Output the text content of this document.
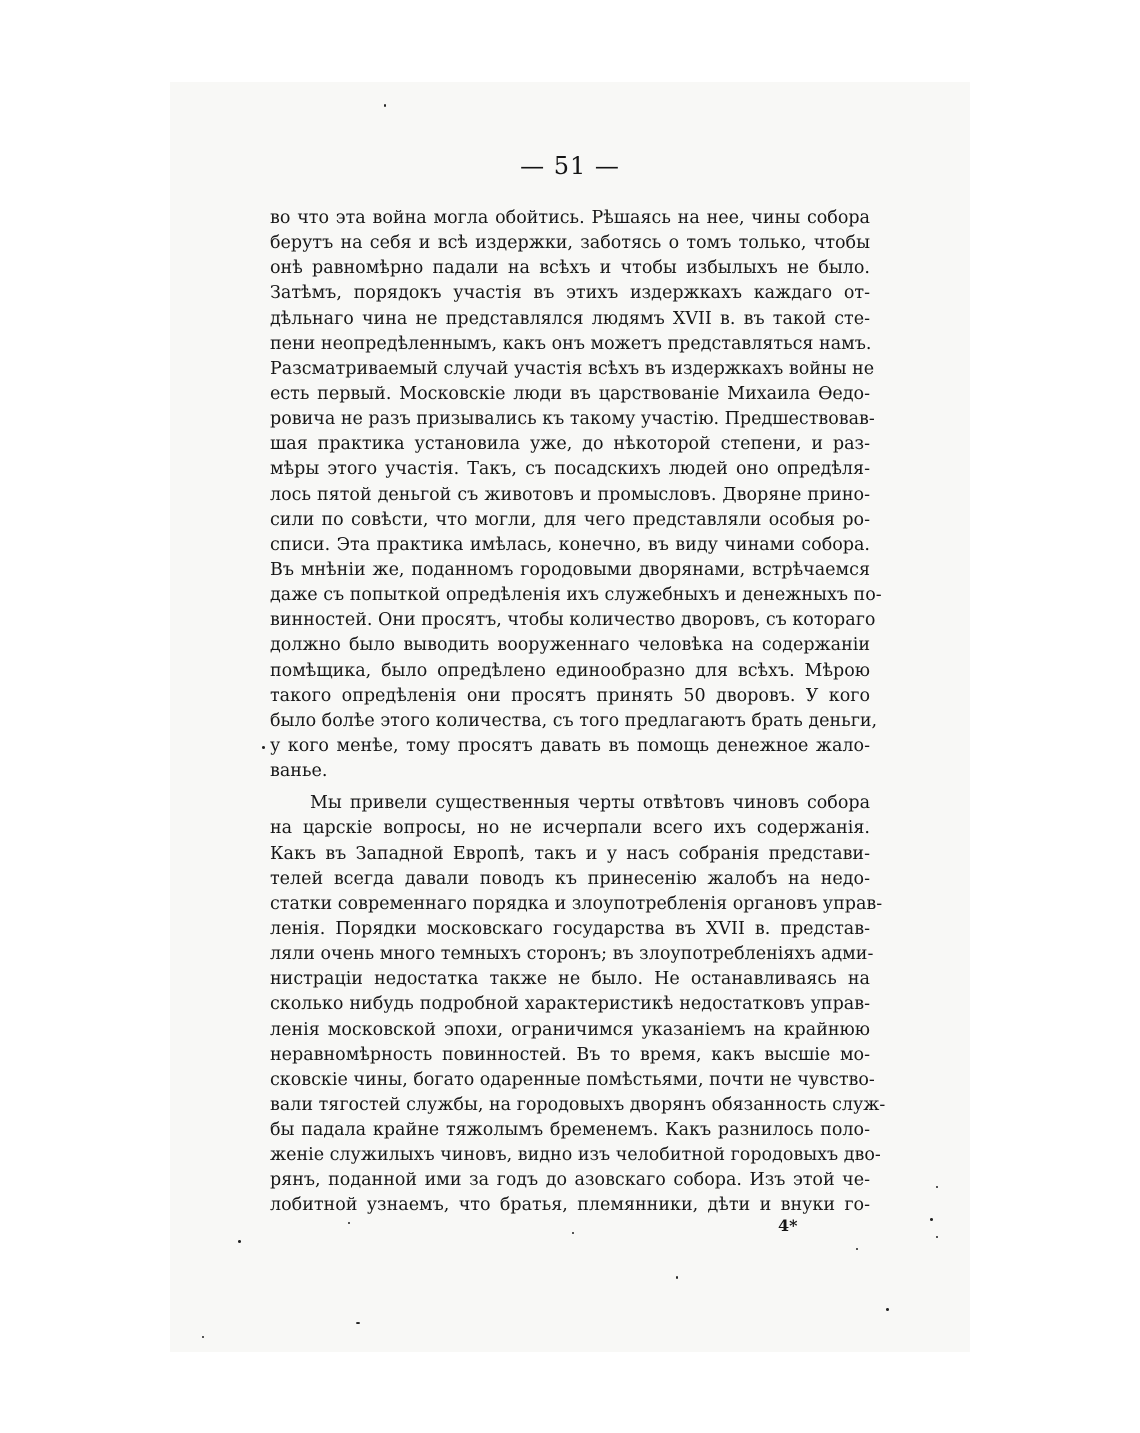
— 51 —
во что эта война могла обойтись. Рѣшаясь на нее, чины собора
берутъ на себя и всѣ издержки, заботясь о томъ только, чтобы
онѣ равномѣрно падали на всѣхъ и чтобы избылыхъ не было.
Затѣмъ, порядокъ участія въ этихъ издержкахъ каждаго от-
дѣльнаго чина не представлялся людямъ XVII в. въ такой сте-
пени неопредѣленнымъ, какъ онъ можетъ представляться намъ.
Разсматриваемый случай участія всѣхъ въ издержкахъ войны не
есть первый. Московскіе люди въ царствованіе Михаила Ѳедо-
ровича не разъ призывались къ такому участію. Предшествовав-
шая практика установила уже, до нѣкоторой степени, и раз-
мѣры этого участія. Такъ, съ посадскихъ людей оно опредѣля-
лось пятой деньгой съ животовъ и промысловъ. Дворяне прино-
сили по совѣсти, что могли, для чего представляли особыя ро-
списи. Эта практика имѣлась, конечно, въ виду чинами собора.
Въ мнѣніи же, поданномъ городовыми дворянами, встрѣчаемся
даже съ попыткой опредѣленія ихъ служебныхъ и денежныхъ по-
винностей. Они просятъ, чтобы количество дворовъ, съ котораго
должно было выводить вооруженнаго человѣка на содержаніи
помѣщика, было опредѣлено единообразно для всѣхъ. Мѣрою
такого опредѣленія они просятъ принять 50 дворовъ. У кого
было болѣе этого количества, съ того предлагаютъ брать деньги,
у кого менѣе, тому просятъ давать въ помощь денежное жало-
ванье.
Мы привели существенныя черты отвѣтовъ чиновъ собора
на царскіе вопросы, но не исчерпали всего ихъ содержанія.
Какъ въ Западной Европѣ, такъ и у насъ собранія представи-
телей всегда давали поводъ къ принесенію жалобъ на недо-
статки современнаго порядка и злоупотребленія органовъ управ-
ленія. Порядки московскаго государства въ XVII в. представ-
ляли очень много темныхъ сторонъ; въ злоупотребленіяхъ адми-
нистраціи недостатка также не было. Не останавливаясь на
сколько нибудь подробной характеристикѣ недостатковъ управ-
ленія московской эпохи, ограничимся указаніемъ на крайнюю
неравномѣрность повинностей. Въ то время, какъ высшіе мо-
сковскіе чины, богато одаренные помѣстьями, почти не чувство-
вали тягостей службы, на городовыхъ дворянъ обязанность служ-
бы падала крайне тяжолымъ бременемъ. Какъ разнилось поло-
женіе служилыхъ чиновъ, видно изъ челобитной городовыхъ дво-
рянъ, поданной ими за годъ до азовскаго собора. Изъ этой че-
лобитной узнаемъ, что братья, племянники, дѣти и внуки го-
4*
